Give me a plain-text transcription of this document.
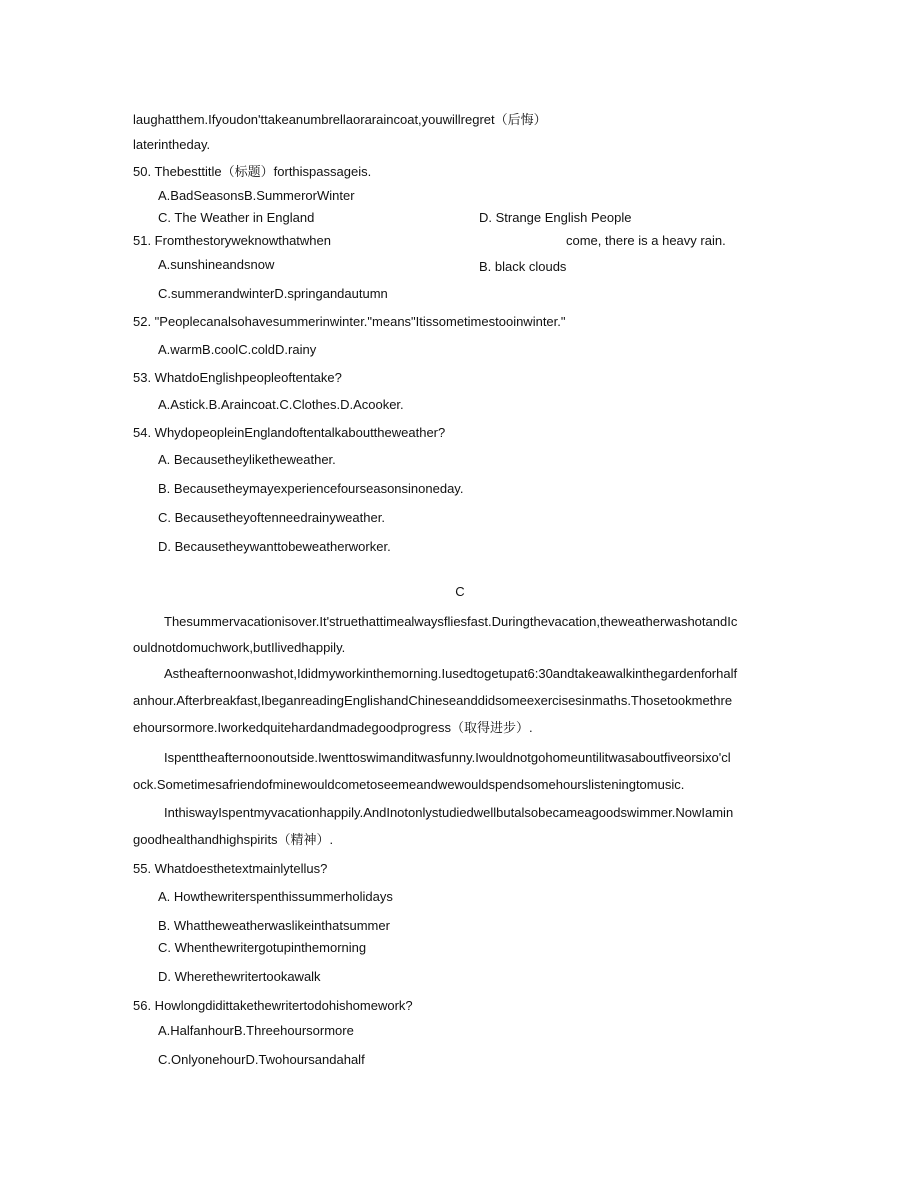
laughatthem.Ifyoudon'ttakeanumbrellaoraraincoat,youwillregret（后悔）
laterintheday.
50. Thebesttitle（标题）forthispassageis.
A.BadSeasonsB.SummerorWinter
C. The Weather in England	D. Strange English People
51. Fromthestoryweknowthatwhen	come, there is a heavy rain.
A.sunshineandsnow	B. black clouds
C.summerandwinterD.springandautumn
52. "Peoplecanalsohavesummerinwinter."means"Itissometimestooinwinter."
A.warmB.coolC.coldD.rainy
53. WhatdoEnglishpeopleoftentake?
A.Astick.B.Araincoat.C.Clothes.D.Acooker.
54. WhydopeopleinEnglandoftentalkabouttheweather?
A. Becausetheyliketheweather.
B. Becausetheymayexperiencefourseasonsinoneday.
C. Becausetheyoftenneedrainyweather.
D. Becausetheywanttobeweatherworker.
C
Thesummervacationisover.It'struethattimealwaysfliesfast.Duringthevacation,theweatherwashotandIc
ouldnotdomuchwork,butIlivedhappily.
Astheafternoonwashot,Ididmyworkinthemorning.Iusedtogetupat6:30andtakeawalkinthegardenforhalf
anhour.Afterbreakfast,IbeganreadingEnglishandChineseanddidsomeexercisesinmaths.Thosetookmethre
ehoursormore.Iworkedquitehardandmadegoodprogress（取得进步）.
Ispenttheafternoonoutside.Iwenttoswimanditwasfunny.Iwouldnotgohomeuntilitwasaboutfiveorsixo'cl
ock.Sometimesafriendofminewouldcometoseemeandwewouldspendsomehourslisteningtomusic.
InthiswayIspentmyvacationhappily.AndInotonlystudiedwellbutalsobecameagoodswimmer.NowIamin
goodhealthandhighspirits（精神）.
55. Whatdoesthetextmainlytellus?
A. Howthewriterspenthissummerholidays
B. Whattheweatherwaslikeinthatsummer
C. Whenthewritergotupinthemorning
D. Wherethewritertookawalk
56. Howlongdidittakethewritertodohishomework?
A.HalfanhourB.Threehoursormore
C.OnlyonehourD.Twohoursandahalf
